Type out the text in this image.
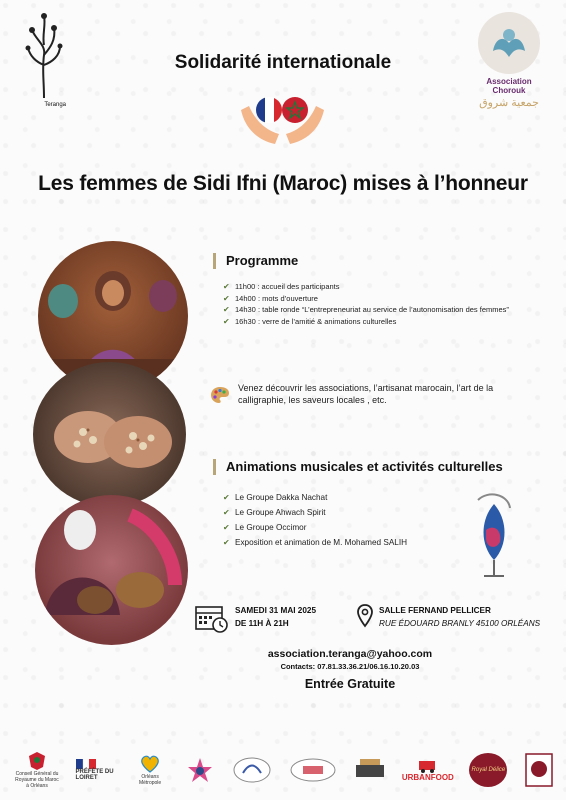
Teranga
Association Chorouk
جمعية شروق
Solidarité internationale
Les femmes de Sidi Ifni (Maroc) mises à l’honneur
Programme
✔ 11h00 : accueil des participants
✔ 14h00 : mots d’ouverture
✔ 14h30 : table ronde “L’entrepreneuriat au service de l’autonomisation des femmes”
✔ 16h30 : verre de l’amitié & animations culturelles
Venez découvrir les associations, l’artisanat marocain, l’art de la calligraphie, les saveurs locales , etc.
Animations musicales et activités culturelles
✔ Le Groupe Dakka Nachat
✔ Le Groupe Ahwach Spirit
✔ Le Groupe Occimor
✔ Exposition et animation de M. Mohamed SALIH
SAMEDI 31 MAI 2025
DE 11H À 21H
SALLE FERNAND PELLICER
RUE ÉDOUARD BRANLY 45100 ORLÉANS
association.teranga@yahoo.com
Contacts: 07.81.33.36.21/06.16.10.20.03
Entrée Gratuite
Conseil Général du Royaume du Maroc à Orléans
PRÉFÈTE DU LOIRET	Orléans Métropole
URBANFOOD
Royal Délice
